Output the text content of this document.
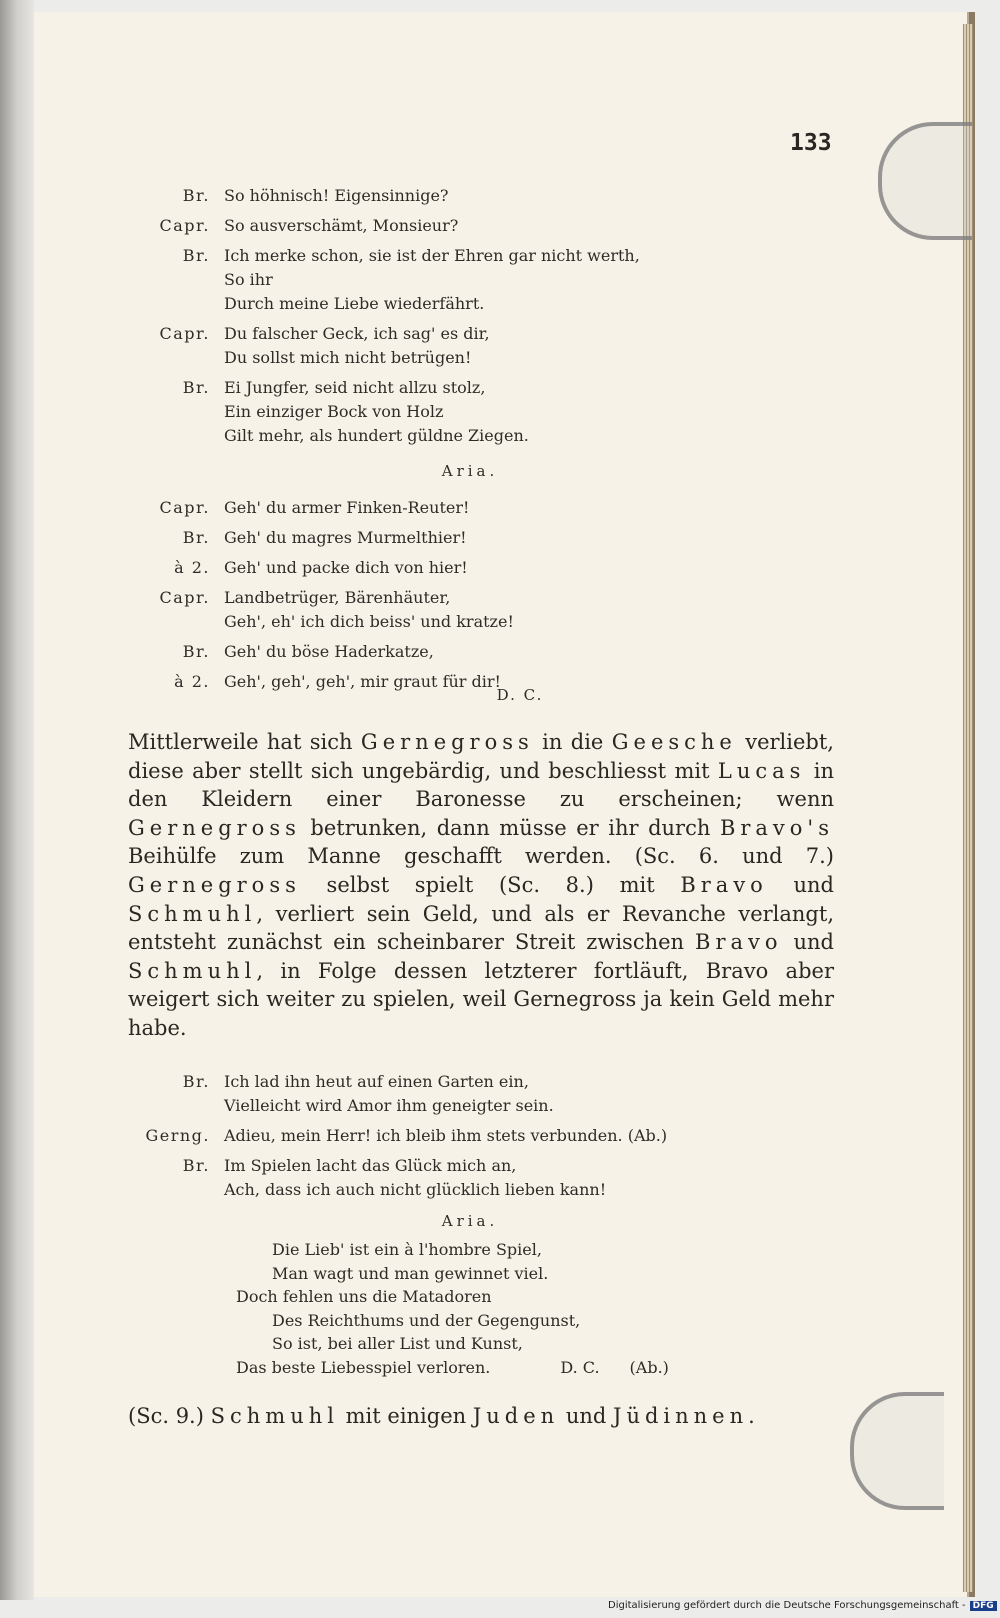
133
Br. So höhnisch! Eigensinnige?
Capr. So ausverschämt, Monsieur?
Br. Ich merke schon, sie ist der Ehren gar nicht werth,
So ihr
Durch meine Liebe wiederfährt.
Capr. Du falscher Geck, ich sag' es dir,
Du sollst mich nicht betrügen!
Br. Ei Jungfer, seid nicht allzu stolz,
Ein einziger Bock von Holz
Gilt mehr, als hundert güldne Ziegen.
Aria.
Capr. Geh' du armer Finken-Reuter!
Br. Geh' du magres Murmelthier!
à 2. Geh' und packe dich von hier!
Capr. Landbetrüger, Bärenhäuter,
Geh', eh' ich dich beiss' und kratze!
Br. Geh' du böse Haderkatze,
à 2. Geh', geh', geh', mir graut für dir!
D. C.
Mittlerweile hat sich Gernegross in die Geesche verliebt, diese aber stellt sich ungebärdig, und beschliesst mit Lucas in den Kleidern einer Baronesse zu erscheinen; wenn Gernegross betrunken, dann müsse er ihr durch Bravo's Beihülfe zum Manne geschafft werden. (Sc. 6. und 7.) Gernegross selbst spielt (Sc. 8.) mit Bravo und Schmuhl, verliert sein Geld, und als er Revanche verlangt, entsteht zunächst ein scheinbarer Streit zwischen Bravo und Schmuhl, in Folge dessen letzterer fortläuft, Bravo aber weigert sich weiter zu spielen, weil Gernegross ja kein Geld mehr habe.
Br. Ich lad ihn heut auf einen Garten ein,
Vielleicht wird Amor ihm geneigter sein.
Gerng. Adieu, mein Herr! ich bleib ihm stets verbunden. (Ab.)
Br. Im Spielen lacht das Glück mich an,
Ach, dass ich auch nicht glücklich lieben kann!
Aria.
Die Lieb' ist ein à l'hombre Spiel,
Man wagt und man gewinnet viel.
Doch fehlen uns die Matadoren
Des Reichthums und der Gegengunst,
So ist, bei aller List und Kunst,
Das beste Liebesspiel verloren.	D. C. (Ab.)
(Sc. 9.) Schmuhl mit einigen Juden und Jüdinnen.
Digitalisierung gefördert durch die Deutsche Forschungsgemeinschaft - DFG
